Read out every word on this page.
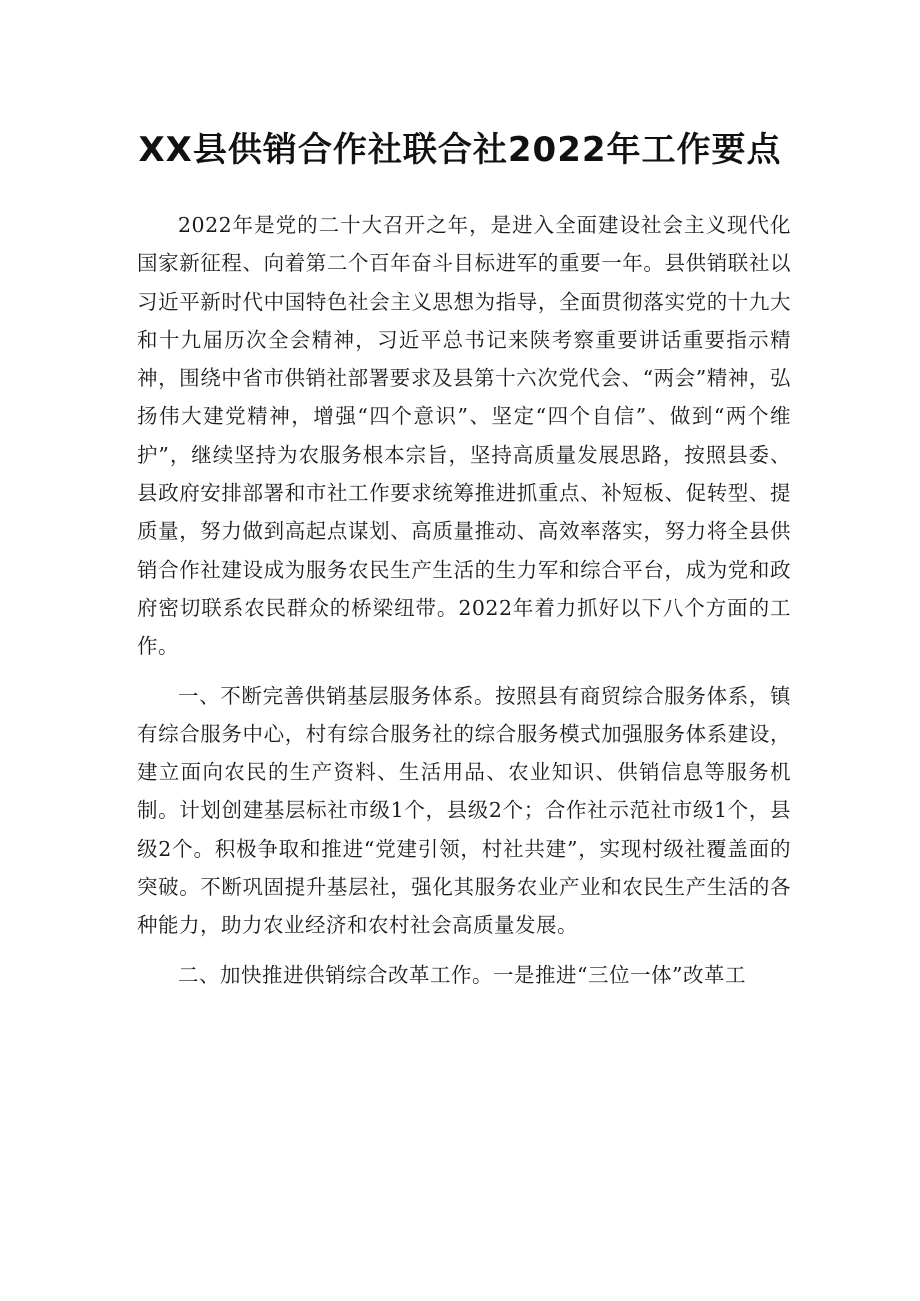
XX县供销合作社联合社2022年工作要点

2022年是党的二十大召开之年，是进入全面建设社会主义现代化国家新征程、向着第二个百年奋斗目标进军的重要一年。县供销联社以习近平新时代中国特色社会主义思想为指导，全面贯彻落实党的十九大和十九届历次全会精神，习近平总书记来陕考察重要讲话重要指示精神，围绕中省市供销社部署要求及县第十六次党代会、“两会”精神，弘扬伟大建党精神，增强“四个意识”、坚定“四个自信”、做到“两个维护”，继续坚持为农服务根本宗旨，坚持高质量发展思路，按照县委、县政府安排部署和市社工作要求统筹推进抓重点、补短板、促转型、提质量，努力做到高起点谋划、高质量推动、高效率落实，努力将全县供销合作社建设成为服务农民生产生活的生力军和综合平台，成为党和政府密切联系农民群众的桥梁纽带。2022年着力抓好以下八个方面的工作。

一、不断完善供销基层服务体系。按照县有商贸综合服务体系，镇有综合服务中心，村有综合服务社的综合服务模式加强服务体系建设，建立面向农民的生产资料、生活用品、农业知识、供销信息等服务机制。计划创建基层标社市级1个，县级2个；合作社示范社市级1个，县级2个。积极争取和推进“党建引领，村社共建”，实现村级社覆盖面的突破。不断巩固提升基层社，强化其服务农业产业和农民生产生活的各种能力，助力农业经济和农村社会高质量发展。

二、加快推进供销综合改革工作。一是推进“三位一体”改革工
